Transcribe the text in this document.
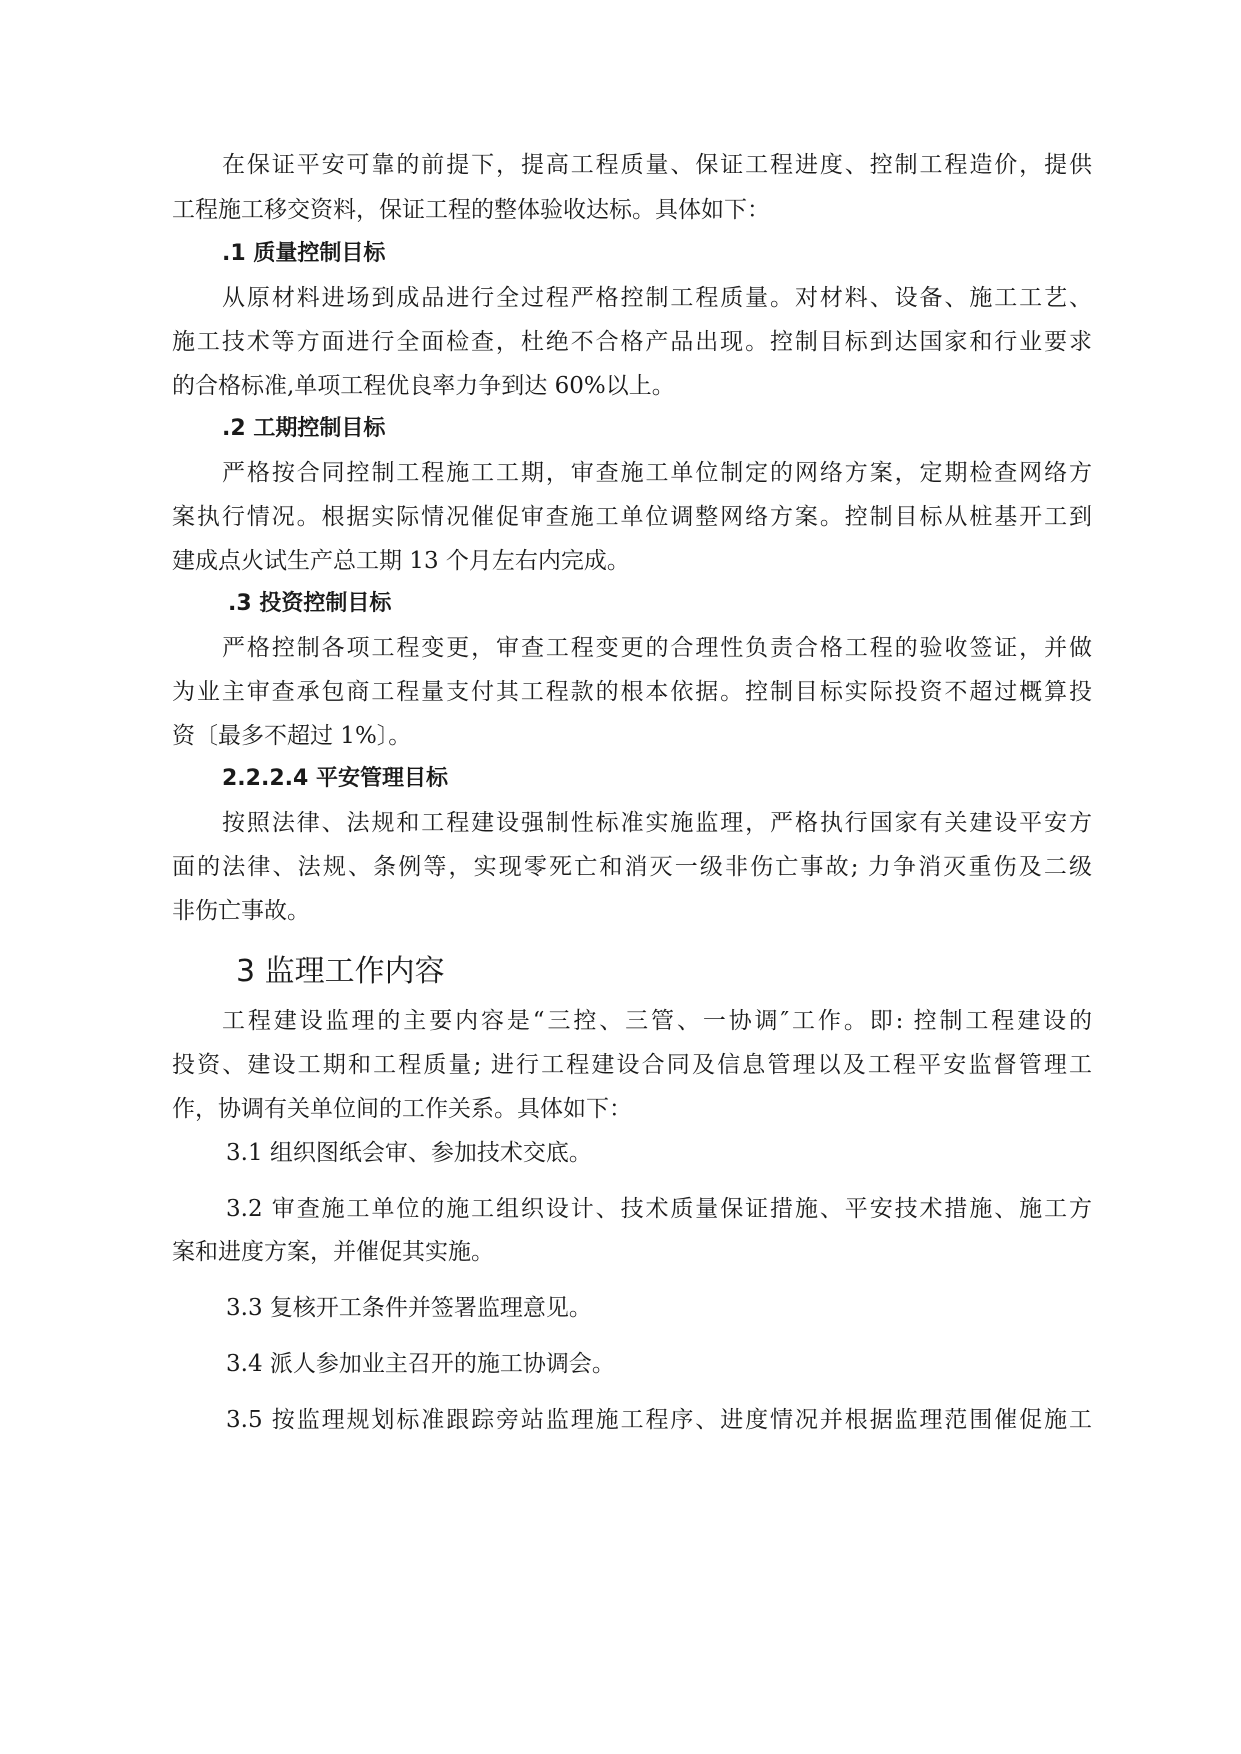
在保证平安可靠的前提下，提高工程质量、保证工程进度、控制工程造价，提供
工程施工移交资料，保证工程的整体验收达标。具体如下：
.1 质量控制目标
从原材料进场到成品进行全过程严格控制工程质量。对材料、设备、施工工艺、
施工技术等方面进行全面检查，杜绝不合格产品出现。控制目标到达国家和行业要求
的合格标准,单项工程优良率力争到达 60%以上。
.2 工期控制目标
严格按合同控制工程施工工期，审查施工单位制定的网络方案，定期检查网络方
案执行情况。根据实际情况催促审查施工单位调整网络方案。控制目标从桩基开工到
建成点火试生产总工期 13 个月左右内完成。
.3 投资控制目标
严格控制各项工程变更，审查工程变更的合理性负责合格工程的验收签证，并做
为业主审查承包商工程量支付其工程款的根本依据。控制目标实际投资不超过概算投
资〔最多不超过 1%〕。
2.2.2.4 平安管理目标
按照法律、法规和工程建设强制性标准实施监理，严格执行国家有关建设平安方
面的法律、法规、条例等，实现零死亡和消灭一级非伤亡事故; 力争消灭重伤及二级
非伤亡事故。
3 监理工作内容
工程建设监理的主要内容是“三控、三管、一协调″工作。即: 控制工程建设的
投资、建设工期和工程质量; 进行工程建设合同及信息管理以及工程平安监督管理工
作，协调有关单位间的工作关系。具体如下：
3.1 组织图纸会审、参加技术交底。
3.2 审查施工单位的施工组织设计、技术质量保证措施、平安技术措施、施工方
案和进度方案，并催促其实施。
3.3 复核开工条件并签署监理意见。
3.4 派人参加业主召开的施工协调会。
3.5 按监理规划标准跟踪旁站监理施工程序、进度情况并根据监理范围催促施工
